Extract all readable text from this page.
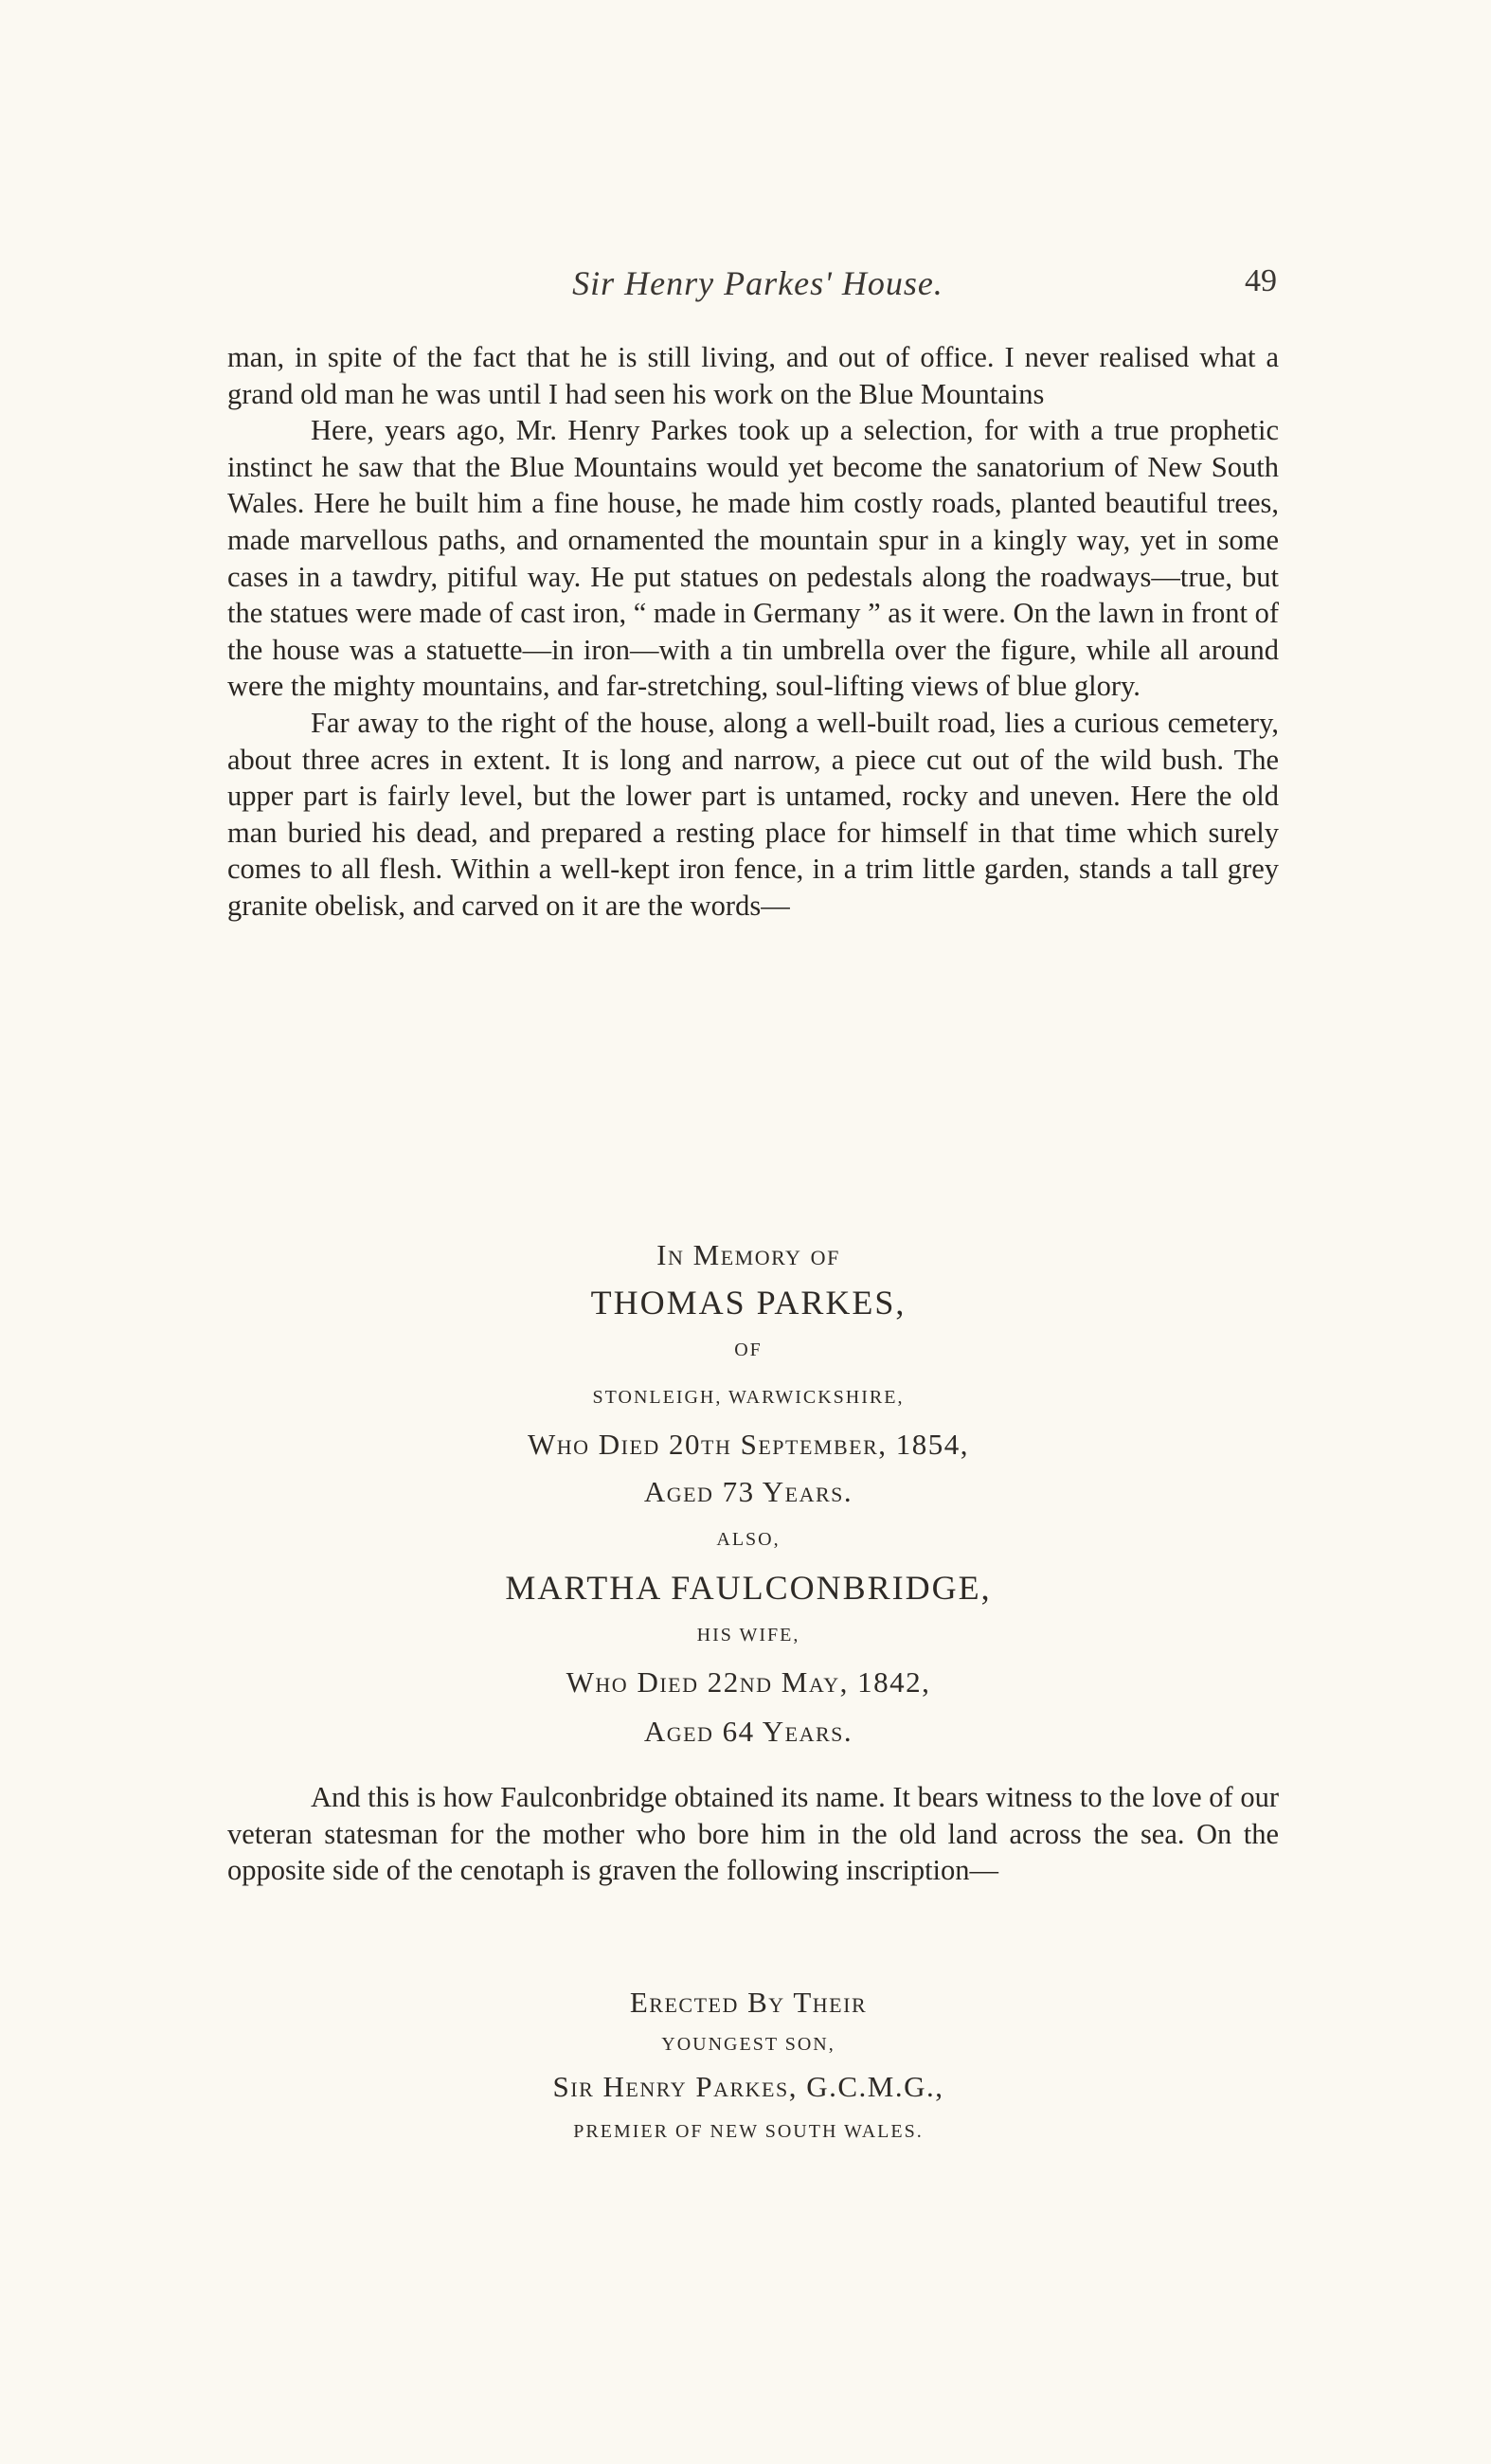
Sir Henry Parkes' House.	49

man, in spite of the fact that he is still living, and out of office. I never realised what a grand old man he was until I had seen his work on the Blue Mountains

Here, years ago, Mr. Henry Parkes took up a selection, for with a true prophetic instinct he saw that the Blue Mountains would yet become the sanatorium of New South Wales. Here he built him a fine house, he made him costly roads, planted beautiful trees, made marvellous paths, and ornamented the mountain spur in a kingly way, yet in some cases in a tawdry, pitiful way. He put statues on pedestals along the roadways—true, but the statues were made of cast iron, “ made in Germany ” as it were. On the lawn in front of the house was a statuette—in iron—with a tin umbrella over the figure, while all around were the mighty mountains, and far-stretching, soul-lifting views of blue glory.

Far away to the right of the house, along a well-built road, lies a curious cemetery, about three acres in extent. It is long and narrow, a piece cut out of the wild bush. The upper part is fairly level, but the lower part is untamed, rocky and uneven. Here the old man buried his dead, and prepared a resting place for himself in that time which surely comes to all flesh. Within a well-kept iron fence, in a trim little garden, stands a tall grey granite obelisk, and carved on it are the words—

In Memory of
THOMAS PARKES,
OF
STONLEIGH, WARWICKSHIRE,
Who Died 20th September, 1854,
Aged 73 Years.
ALSO,
MARTHA FAULCONBRIDGE,
HIS WIFE,
Who Died 22nd May, 1842,
Aged 64 Years.

And this is how Faulconbridge obtained its name. It bears witness to the love of our veteran statesman for the mother who bore him in the old land across the sea. On the opposite side of the cenotaph is graven the following inscription—

Erected By Their
YOUNGEST SON,
Sir Henry Parkes, G.C.M.G.,
PREMIER OF NEW SOUTH WALES.
